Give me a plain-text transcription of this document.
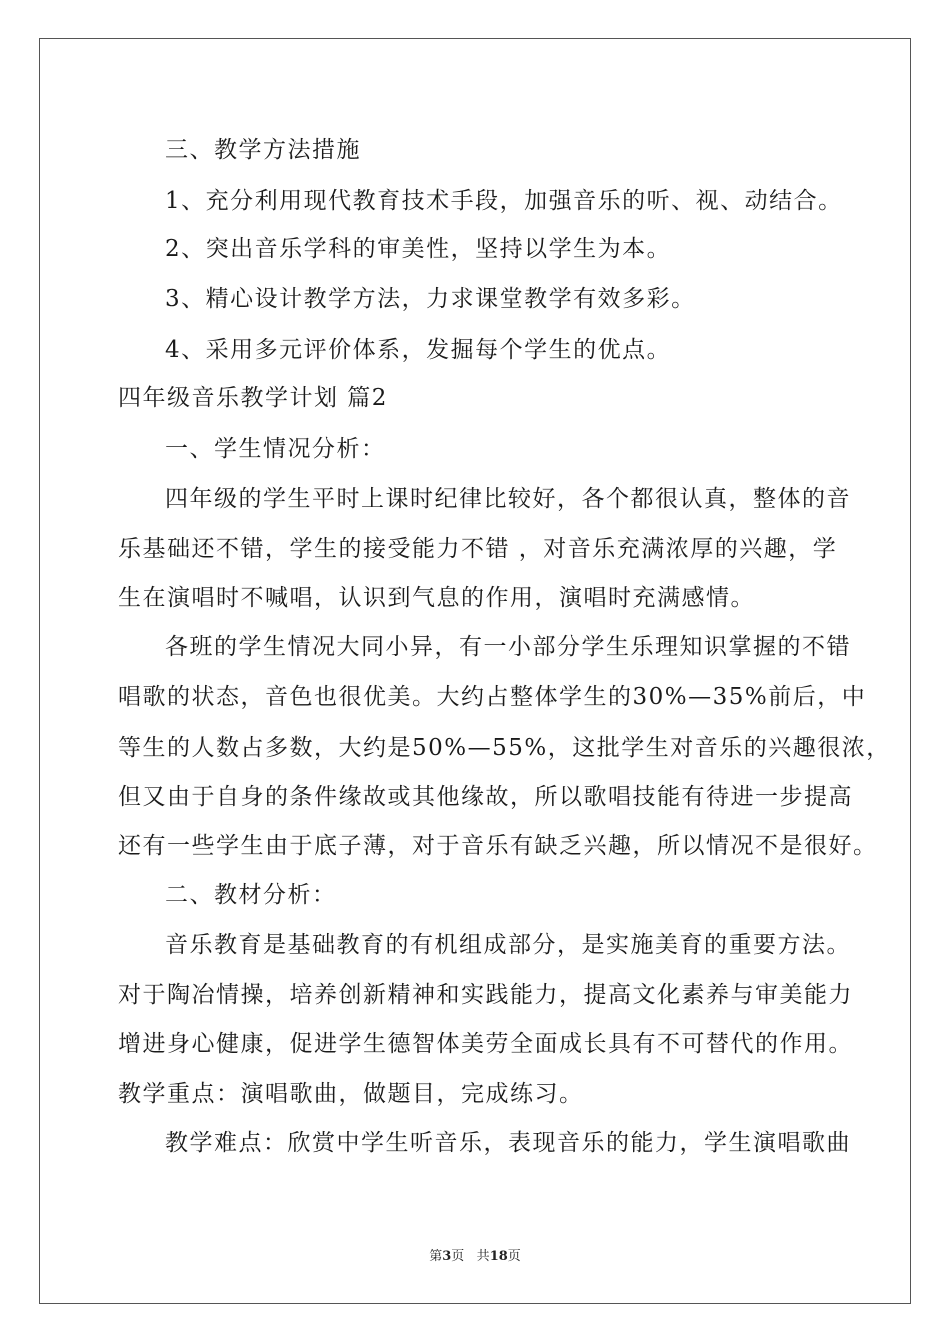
三、教学方法措施
1、充分利用现代教育技术手段，加强音乐的听、视、动结合。
2、突出音乐学科的审美性，坚持以学生为本。
3、精心设计教学方法，力求课堂教学有效多彩。
4、采用多元评价体系，发掘每个学生的优点。
四年级音乐教学计划 篇2
一、学生情况分析：
四年级的学生平时上课时纪律比较好，各个都很认真，整体的音
乐基础还不错，学生的接受能力不错 ，对音乐充满浓厚的兴趣，学
生在演唱时不喊唱，认识到气息的作用，演唱时充满感情。
各班的学生情况大同小异，有一小部分学生乐理知识掌握的不错
唱歌的状态，音色也很优美。大约占整体学生的30%—35%前后，中
等生的人数占多数，大约是50%—55%，这批学生对音乐的兴趣很浓，
但又由于自身的条件缘故或其他缘故，所以歌唱技能有待进一步提高
还有一些学生由于底子薄，对于音乐有缺乏兴趣，所以情况不是很好。
二、教材分析：
音乐教育是基础教育的有机组成部分，是实施美育的重要方法。
对于陶冶情操，培养创新精神和实践能力，提高文化素养与审美能力
增进身心健康，促进学生德智体美劳全面成长具有不可替代的作用。
教学重点：演唱歌曲，做题目，完成练习。
教学难点：欣赏中学生听音乐，表现音乐的能力，学生演唱歌曲
第3页 共18页
